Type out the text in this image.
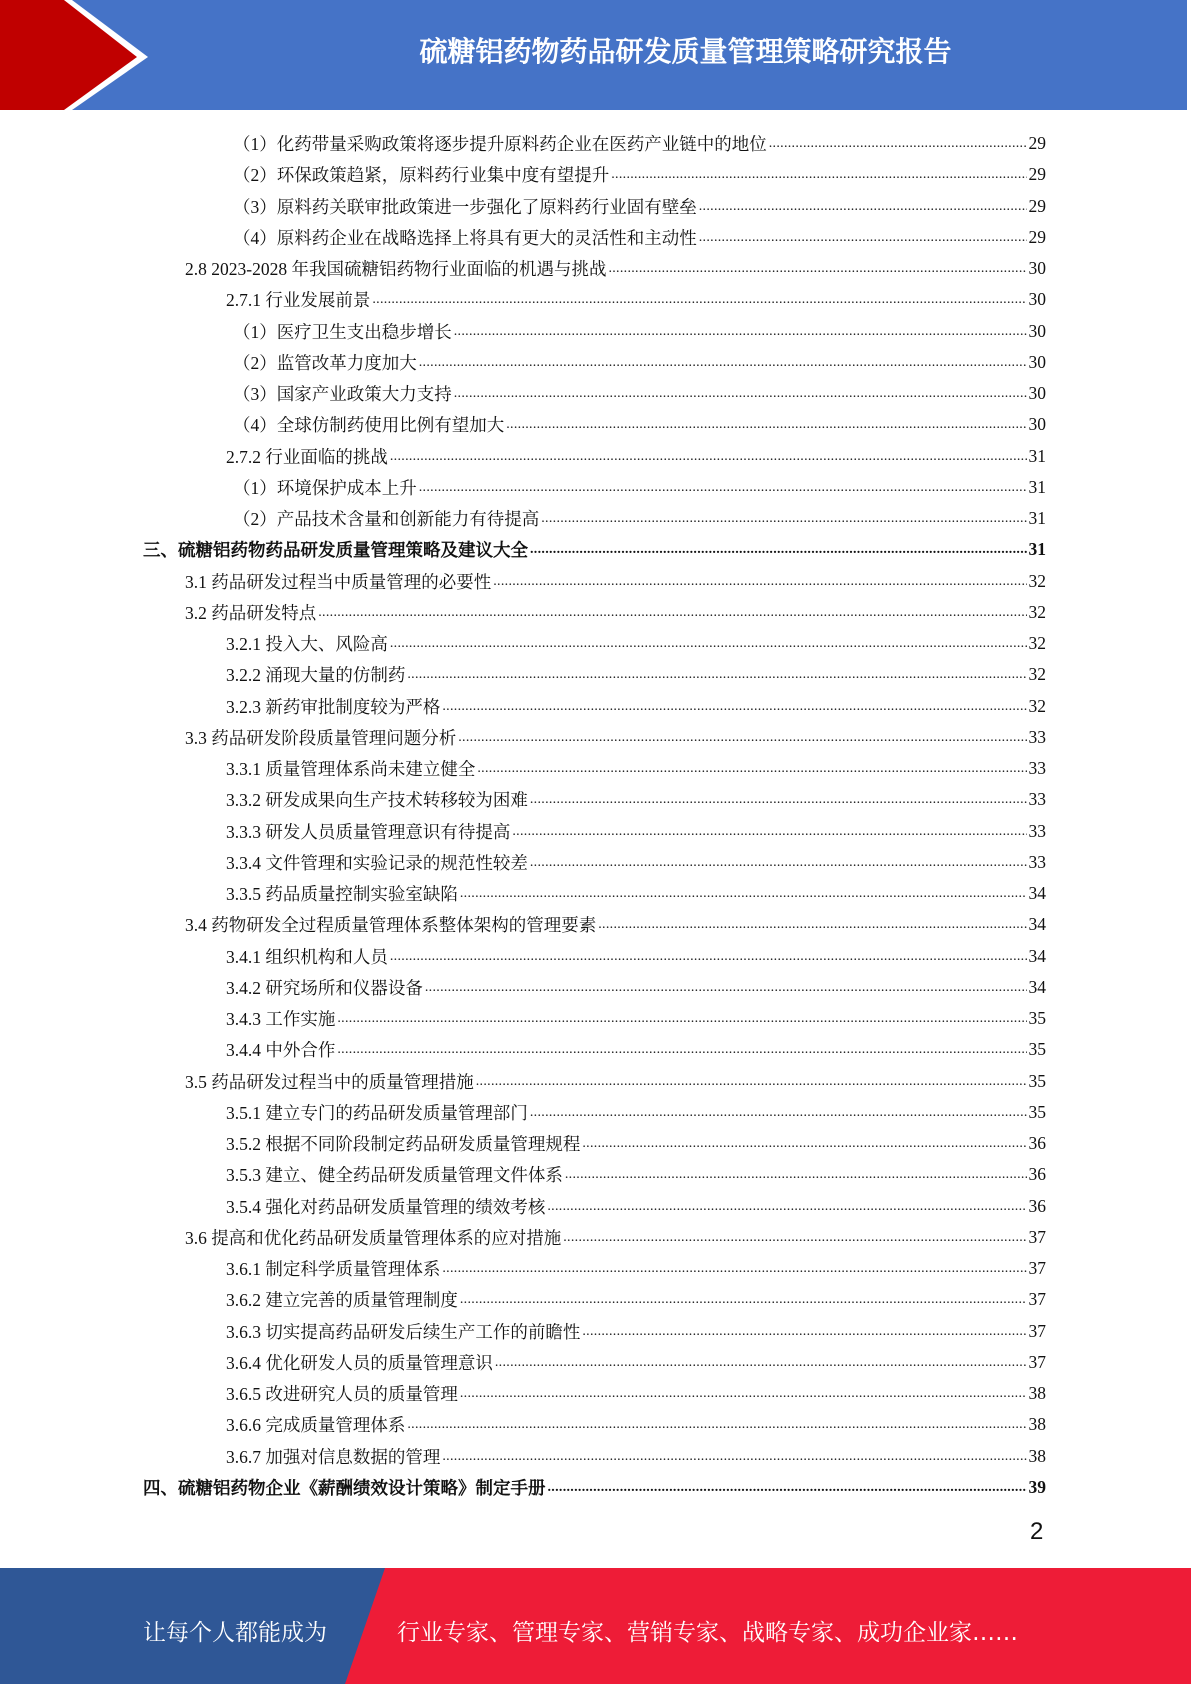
硫糖铝药物药品研发质量管理策略研究报告
（1）化药带量采购政策将逐步提升原料药企业在医药产业链中的地位 .....	29
（2）环保政策趋紧，原料药行业集中度有望提升 .....	29
（3）原料药关联审批政策进一步强化了原料药行业固有壁垒 .....	29
（4）原料药企业在战略选择上将具有更大的灵活性和主动性 .....	29
2.8 2023-2028 年我国硫糖铝药物行业面临的机遇与挑战 .....	30
2.7.1 行业发展前景 .....	30
（1）医疗卫生支出稳步增长 .....	30
（2）监管改革力度加大 .....	30
（3）国家产业政策大力支持 .....	30
（4）全球仿制药使用比例有望加大 .....	30
2.7.2 行业面临的挑战 .....	31
（1）环境保护成本上升 .....	31
（2）产品技术含量和创新能力有待提高 .....	31
三、硫糖铝药物药品研发质量管理策略及建议大全 .....	31
3.1 药品研发过程当中质量管理的必要性 .....	32
3.2 药品研发特点 .....	32
3.2.1 投入大、风险高 .....	32
3.2.2 涌现大量的仿制药 .....	32
3.2.3 新药审批制度较为严格 .....	32
3.3 药品研发阶段质量管理问题分析 .....	33
3.3.1 质量管理体系尚未建立健全 .....	33
3.3.2 研发成果向生产技术转移较为困难 .....	33
3.3.3 研发人员质量管理意识有待提高 .....	33
3.3.4 文件管理和实验记录的规范性较差 .....	33
3.3.5 药品质量控制实验室缺陷 .....	34
3.4 药物研发全过程质量管理体系整体架构的管理要素 .....	34
3.4.1 组织机构和人员 .....	34
3.4.2 研究场所和仪器设备 .....	34
3.4.3 工作实施 .....	35
3.4.4 中外合作 .....	35
3.5 药品研发过程当中的质量管理措施 .....	35
3.5.1 建立专门的药品研发质量管理部门 .....	35
3.5.2 根据不同阶段制定药品研发质量管理规程 .....	36
3.5.3 建立、健全药品研发质量管理文件体系 .....	36
3.5.4 强化对药品研发质量管理的绩效考核 .....	36
3.6 提高和优化药品研发质量管理体系的应对措施 .....	37
3.6.1 制定科学质量管理体系 .....	37
3.6.2 建立完善的质量管理制度 .....	37
3.6.3 切实提高药品研发后续生产工作的前瞻性 .....	37
3.6.4 优化研发人员的质量管理意识 .....	37
3.6.5 改进研究人员的质量管理 .....	38
3.6.6 完成质量管理体系 .....	38
3.6.7 加强对信息数据的管理 .....	38
四、硫糖铝药物企业《薪酬绩效设计策略》制定手册 .....	39
2
让每个人都能成为	行业专家、管理专家、营销专家、战略专家、成功企业家……
